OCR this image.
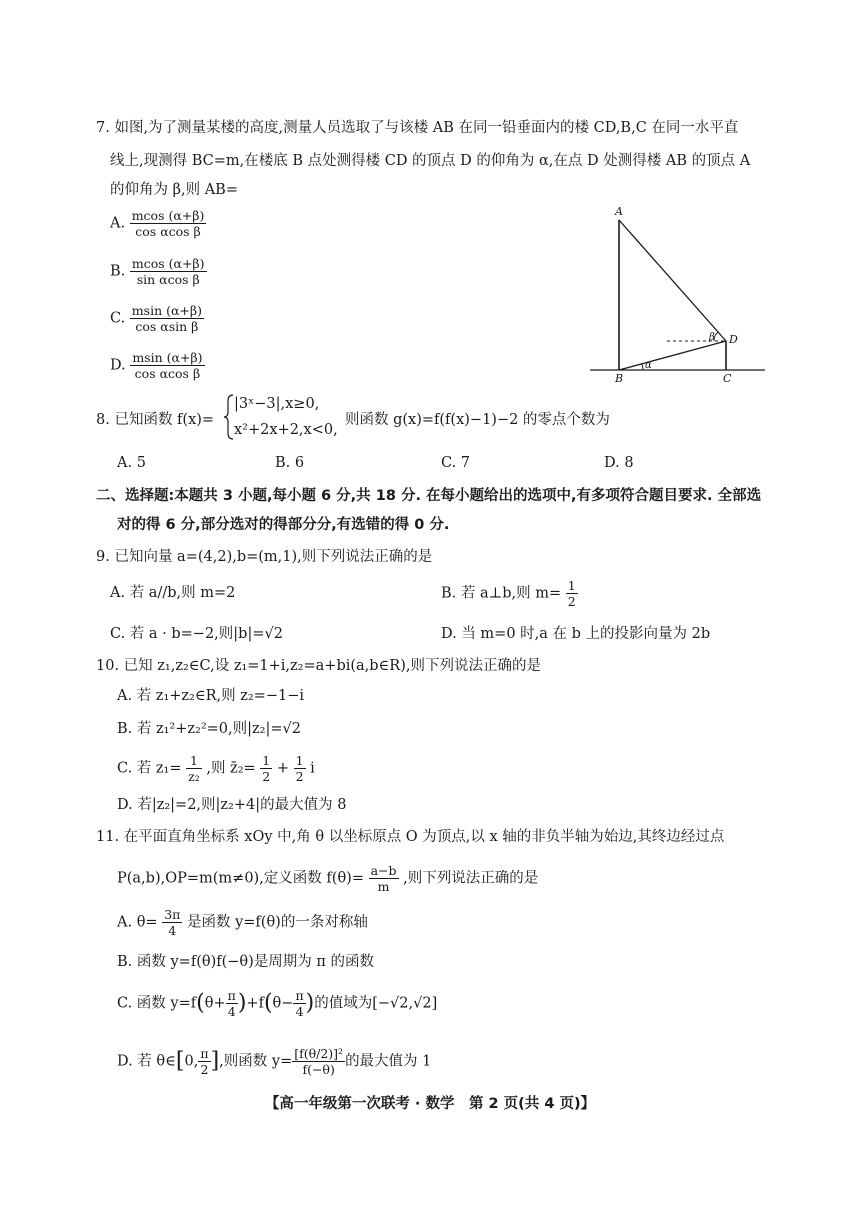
7. 如图,为了测量某楼的高度,测量人员选取了与该楼 AB 在同一铅垂面内的楼 CD,B,C 在同一水平直
线上,现测得 BC=m,在楼底 B 点处测得楼 CD 的顶点 D 的仰角为 α,在点 D 处测得楼 AB 的顶点 A
的仰角为 β,则 AB=
A. $\frac{mcos (\alpha+\beta)}{\text{cos αcos β}}$
B. $\frac{mcos (\alpha+\beta)}{\text{sin αcos β}}$
C. $\frac{msin (\alpha+\beta)}{\text{cos αsin β}}$
D. $\frac{msin (\alpha+\beta)}{\text{cos αcos β}}$
A
B	C
D
α
β
8. 已知函数 f(x)=
|3ˣ−3|,x≥0,
x²+2x+2,x<0,
则函数 g(x)=f(f(x)−1)−2 的零点个数为
A. 5	B. 6	C. 7	D. 8
二、选择题:本题共 3 小题,每小题 6 分,共 18 分. 在每小题给出的选项中,有多项符合题目要求. 全部选
对的得 6 分,部分选对的得部分分,有选错的得 0 分.
9. 已知向量 a=(4,2),b=(m,1),则下列说法正确的是
A. 若 a//b,则 m=2	B. 若 a⊥b,则 $m= \frac{1}{2}$
C. 若 a · b=−2,则|b|=√2	D. 当 m=0 时,a 在 b 上的投影向量为 2b
10. 已知 z₁,z₂∈C,设 z₁=1+i,z₂=a+bi(a,b∈R),则下列说法正确的是
A. 若 z₁+z₂∈R,则 z₂=−1−i
B. 若 z₁²+z₂²=0,则|z₂|=√2
C. 若 $z_1= \frac{1}{\text{z₂}}$ ,则 z̄₂= $\frac{1}{2} + \frac{1}{2}$ i
D. 若|z₂|=2,则|z₂+4|的最大值为 8
11. 在平面直角坐标系 xOy 中,角 θ 以坐标原点 O 为顶点,以 x 轴的非负半轴为始边,其终边经过点
P(a,b),OP=m(m≠0),定义函数 $f(\theta)= \frac{a-b}{m}$ ,则下列说法正确的是
A. $\theta= \frac{3\pi}{4}$ 是函数 y=f(θ)的一条对称轴
B. 函数 y=f(θ)f(−θ)是周期为 π 的函数
C. 函数 $y=f(\theta+ \frac{\pi}{4} )+f(\theta- \frac{\pi}{4}$ )的值域为[−√2,√2]
D. 若 θ∈[0, $\frac{\pi}{2}$ ],则函数 $y= \frac{\text{[f(θ/2)]²}}{f(-\theta)}$ 的最大值为 1
【高一年级第一次联考 · 数学　第 2 页(共 4 页)】
